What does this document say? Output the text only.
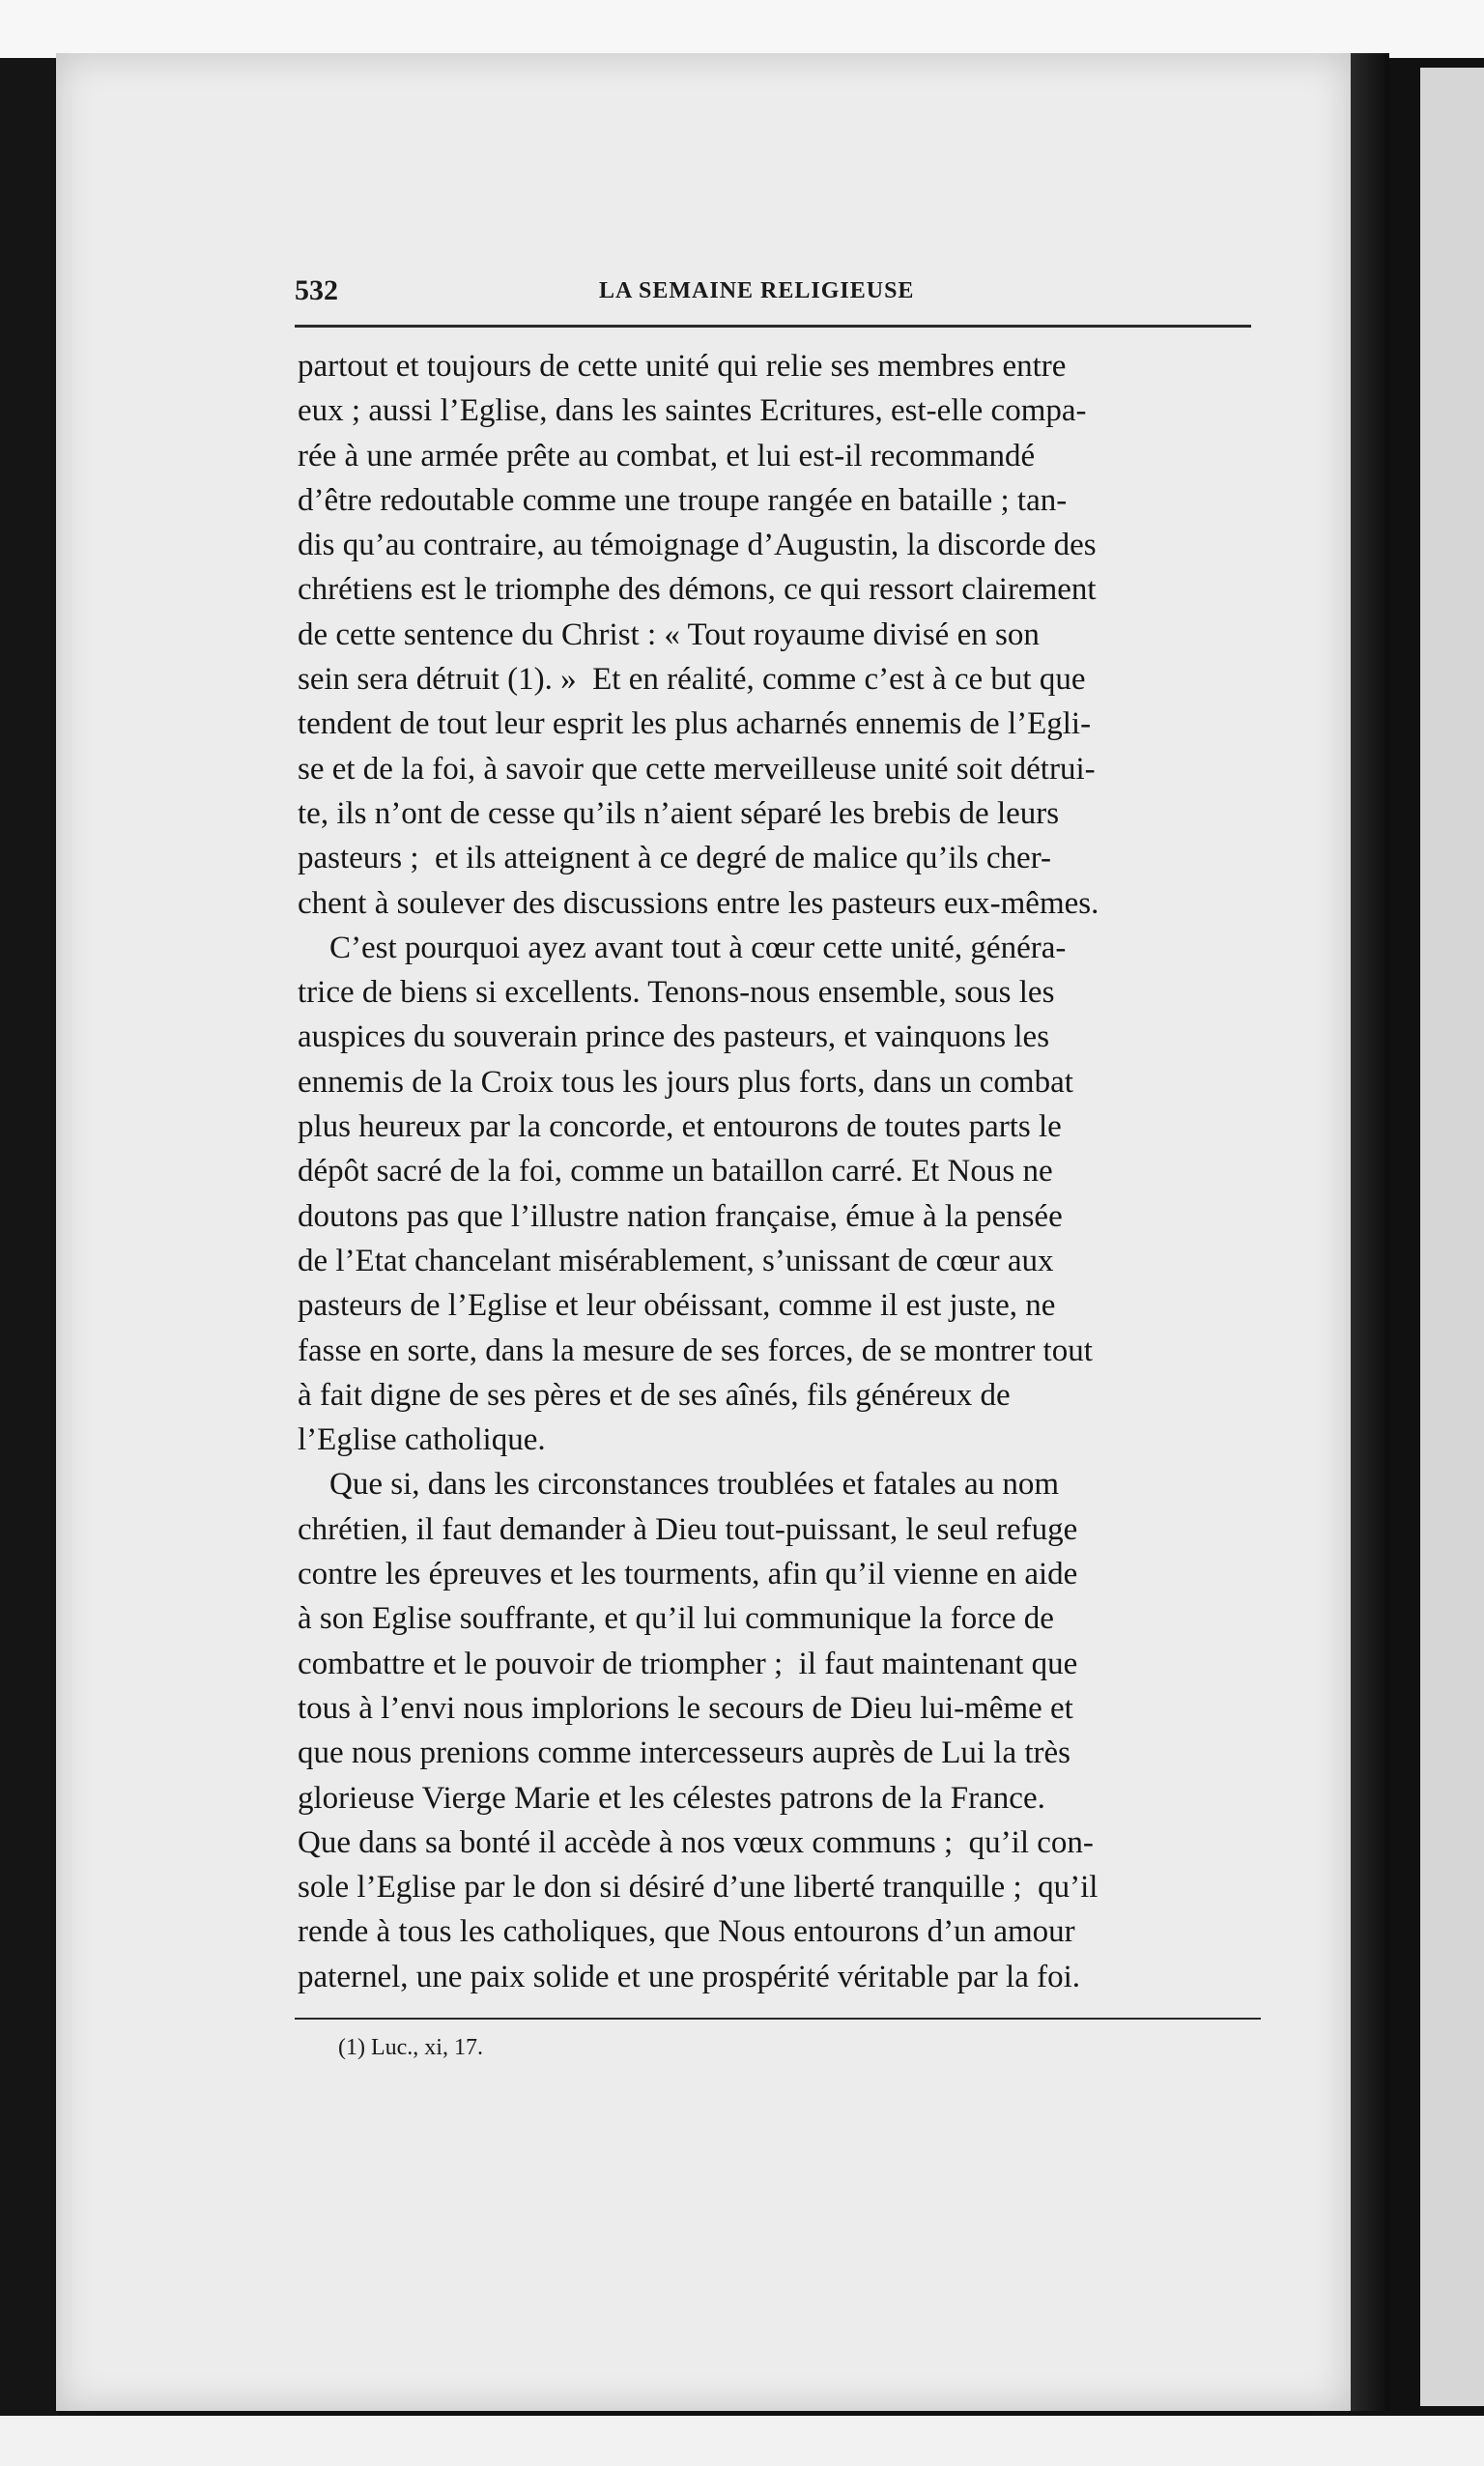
532	LA SEMAINE RELIGIEUSE

partout et toujours de cette unité qui relie ses membres entre
eux ; aussi l’Eglise, dans les saintes Ecritures, est-elle compa-
rée à une armée prête au combat, et lui est-il recommandé
d’être redoutable comme une troupe rangée en bataille ; tan-
dis qu’au contraire, au témoignage d’Augustin, la discorde des
chrétiens est le triomphe des démons, ce qui ressort clairement
de cette sentence du Christ : « Tout royaume divisé en son
sein sera détruit (1). »  Et en réalité, comme c’est à ce but que
tendent de tout leur esprit les plus acharnés ennemis de l’Egli-
se et de la foi, à savoir que cette merveilleuse unité soit détrui-
te, ils n’ont de cesse qu’ils n’aient séparé les brebis de leurs
pasteurs ;  et ils atteignent à ce degré de malice qu’ils cher-
chent à soulever des discussions entre les pasteurs eux-mêmes.
C’est pourquoi ayez avant tout à cœur cette unité, généra-
trice de biens si excellents. Tenons-nous ensemble, sous les
auspices du souverain prince des pasteurs, et vainquons les
ennemis de la Croix tous les jours plus forts, dans un combat
plus heureux par la concorde, et entourons de toutes parts le
dépôt sacré de la foi, comme un bataillon carré. Et Nous ne
doutons pas que l’illustre nation française, émue à la pensée
de l’Etat chancelant misérablement, s’unissant de cœur aux
pasteurs de l’Eglise et leur obéissant, comme il est juste, ne
fasse en sorte, dans la mesure de ses forces, de se montrer tout
à fait digne de ses pères et de ses aînés, fils généreux de
l’Eglise catholique.
Que si, dans les circonstances troublées et fatales au nom
chrétien, il faut demander à Dieu tout-puissant, le seul refuge
contre les épreuves et les tourments, afin qu’il vienne en aide
à son Eglise souffrante, et qu’il lui communique la force de
combattre et le pouvoir de triompher ;  il faut maintenant que
tous à l’envi nous implorions le secours de Dieu lui-même et
que nous prenions comme intercesseurs auprès de Lui la très
glorieuse Vierge Marie et les célestes patrons de la France.
Que dans sa bonté il accède à nos vœux communs ;  qu’il con-
sole l’Eglise par le don si désiré d’une liberté tranquille ;  qu’il
rende à tous les catholiques, que Nous entourons d’un amour
paternel, une paix solide et une prospérité véritable par la foi.

(1) Luc., xi, 17.
